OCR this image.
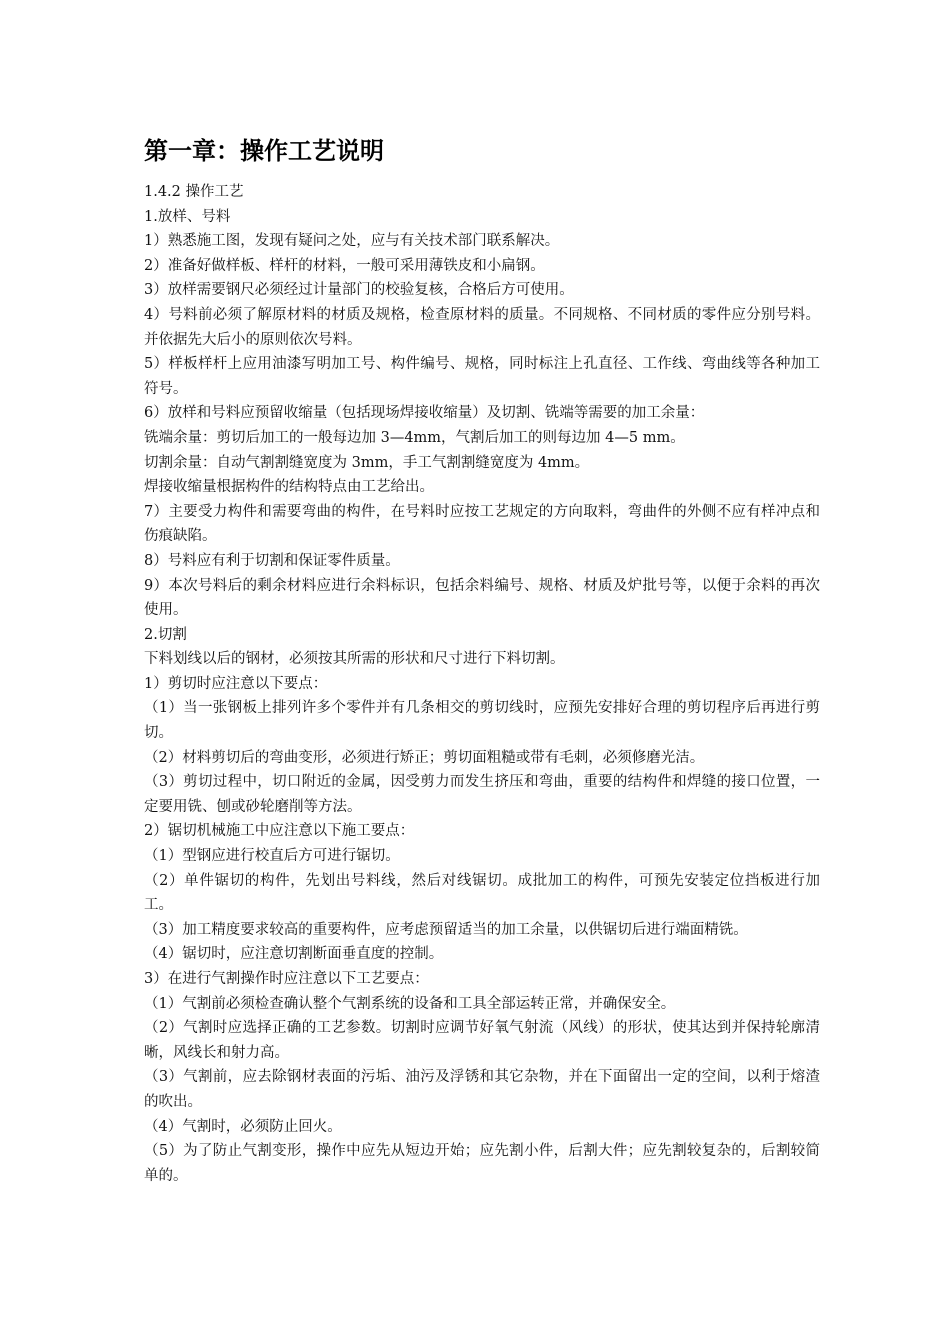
第一章：操作工艺说明

1.4.2 操作工艺

1.放样、号料

1）熟悉施工图，发现有疑问之处，应与有关技术部门联系解决。

2）准备好做样板、样杆的材料，一般可采用薄铁皮和小扁钢。

3）放样需要钢尺必须经过计量部门的校验复核，合格后方可使用。

4）号料前必须了解原材料的材质及规格，检查原材料的质量。不同规格、不同材质的零件应分别号料。并依据先大后小的原则依次号料。

5）样板样杆上应用油漆写明加工号、构件编号、规格，同时标注上孔直径、工作线、弯曲线等各种加工符号。

6）放样和号料应预留收缩量（包括现场焊接收缩量）及切割、铣端等需要的加工余量：

铣端余量：剪切后加工的一般每边加 3—4mm，气割后加工的则每边加 4—5 mm。

切割余量：自动气割割缝宽度为 3mm，手工气割割缝宽度为 4mm。

焊接收缩量根据构件的结构特点由工艺给出。

7）主要受力构件和需要弯曲的构件，在号料时应按工艺规定的方向取料，弯曲件的外侧不应有样冲点和伤痕缺陷。

8）号料应有利于切割和保证零件质量。

9）本次号料后的剩余材料应进行余料标识，包括余料编号、规格、材质及炉批号等，以便于余料的再次使用。

2.切割

下料划线以后的钢材，必须按其所需的形状和尺寸进行下料切割。

1）剪切时应注意以下要点：

（1）当一张钢板上排列许多个零件并有几条相交的剪切线时，应预先安排好合理的剪切程序后再进行剪切。

（2）材料剪切后的弯曲变形，必须进行矫正；剪切面粗糙或带有毛刺，必须修磨光洁。

（3）剪切过程中，切口附近的金属，因受剪力而发生挤压和弯曲，重要的结构件和焊缝的接口位置，一定要用铣、刨或砂轮磨削等方法。

2）锯切机械施工中应注意以下施工要点：

（1）型钢应进行校直后方可进行锯切。

（2）单件锯切的构件，先划出号料线，然后对线锯切。成批加工的构件，可预先安装定位挡板进行加工。

（3）加工精度要求较高的重要构件，应考虑预留适当的加工余量，以供锯切后进行端面精铣。

（4）锯切时，应注意切割断面垂直度的控制。

3）在进行气割操作时应注意以下工艺要点：

（1）气割前必须检查确认整个气割系统的设备和工具全部运转正常，并确保安全。

（2）气割时应选择正确的工艺参数。切割时应调节好氧气射流（风线）的形状，使其达到并保持轮廓清晰，风线长和射力高。

（3）气割前，应去除钢材表面的污垢、油污及浮锈和其它杂物，并在下面留出一定的空间，以利于熔渣的吹出。

（4）气割时，必须防止回火。

（5）为了防止气割变形，操作中应先从短边开始；应先割小件，后割大件；应先割较复杂的，后割较简单的。
